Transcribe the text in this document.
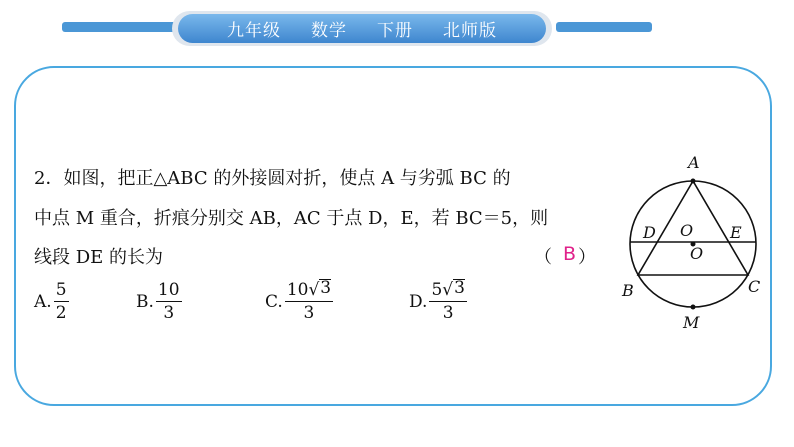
九年级 数学 下册 北师版
2．如图，把正△ABC 的外接圆对折，使点 A 与劣弧 BC 的
中点 M 重合，折痕分别交 AB，AC 于点 D，E，若 BC＝5，则
线段 DE 的长为	（ ）
B
A. $\frac{5}{2}$	B. $\frac{10}{3}$	C. $\frac{10√ 3}{3}$	D. $\frac{5√ 3}{3}$
A
B	C
D	E
O
O
M
